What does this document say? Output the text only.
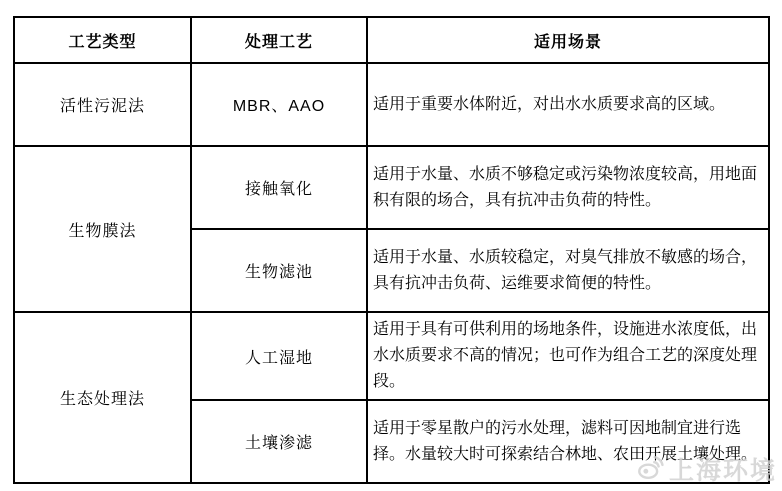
工艺类型	处理工艺	适用场景
活性污泥法	MBR、AAO	适用于重要水体附近，对出水水质要求高的区域。
生物膜法	接触氧化	适用于水量、水质不够稳定或污染物浓度较高，用地面积有限的场合，具有抗冲击负荷的特性。
	生物滤池	适用于水量、水质较稳定，对臭气排放不敏感的场合，具有抗冲击负荷、运维要求简便的特性。
生态处理法	人工湿地	适用于具有可供利用的场地条件，设施进水浓度低，出水水质要求不高的情况；也可作为组合工艺的深度处理段。
	土壤渗滤	适用于零星散户的污水处理，滤料可因地制宜进行选择。水量较大时可探索结合林地、农田开展土壤处理。
上海环境
